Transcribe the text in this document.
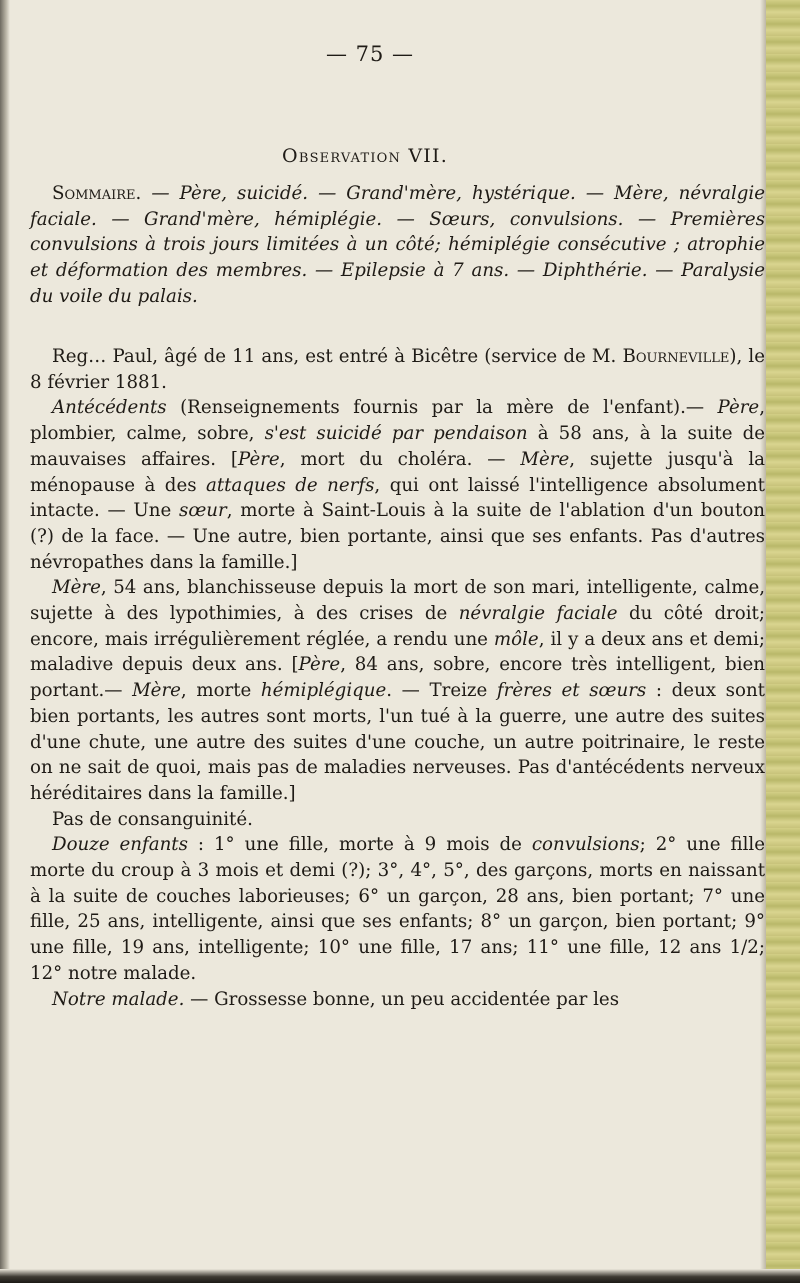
— 75 —
Observation VII.

Sommaire. — Père, suicidé. — Grand'mère, hystérique. — Mère, névralgie faciale. — Grand'mère, hémiplégie. — Sœurs, convulsions. — Premières convulsions à trois jours limitées à un côté; hémiplégie consécutive ; atrophie et déformation des membres. — Epilepsie à 7 ans. — Diphthérie. — Paralysie du voile du palais.

Reg… Paul, âgé de 11 ans, est entré à Bicêtre (service de M. Bourneville), le 8 février 1881.

Antécédents (Renseignements fournis par la mère de l'enfant).— Père, plombier, calme, sobre, s'est suicidé par pendaison à 58 ans, à la suite de mauvaises affaires. [Père, mort du choléra. — Mère, sujette jusqu'à la ménopause à des attaques de nerfs, qui ont laissé l'intelligence absolument intacte. — Une sœur, morte à Saint-Louis à la suite de l'ablation d'un bouton (?) de la face. — Une autre, bien portante, ainsi que ses enfants. Pas d'autres névropathes dans la famille.]

Mère, 54 ans, blanchisseuse depuis la mort de son mari, intelligente, calme, sujette à des lypothimies, à des crises de névralgie faciale du côté droit; encore, mais irrégulièrement réglée, a rendu une môle, il y a deux ans et demi; maladive depuis deux ans. [Père, 84 ans, sobre, encore très intelligent, bien portant.— Mère, morte hémiplégique. — Treize frères et sœurs : deux sont bien portants, les autres sont morts, l'un tué à la guerre, une autre des suites d'une chute, une autre des suites d'une couche, un autre poitrinaire, le reste on ne sait de quoi, mais pas de maladies nerveuses. Pas d'antécédents nerveux héréditaires dans la famille.]

Pas de consanguinité.

Douze enfants : 1° une fille, morte à 9 mois de convulsions; 2° une fille morte du croup à 3 mois et demi (?); 3°, 4°, 5°, des garçons, morts en naissant à la suite de couches laborieuses; 6° un garçon, 28 ans, bien portant; 7° une fille, 25 ans, intelligente, ainsi que ses enfants; 8° un garçon, bien portant; 9° une fille, 19 ans, intelligente; 10° une fille, 17 ans; 11° une fille, 12 ans 1/2; 12° notre malade.

Notre malade. — Grossesse bonne, un peu accidentée par les
